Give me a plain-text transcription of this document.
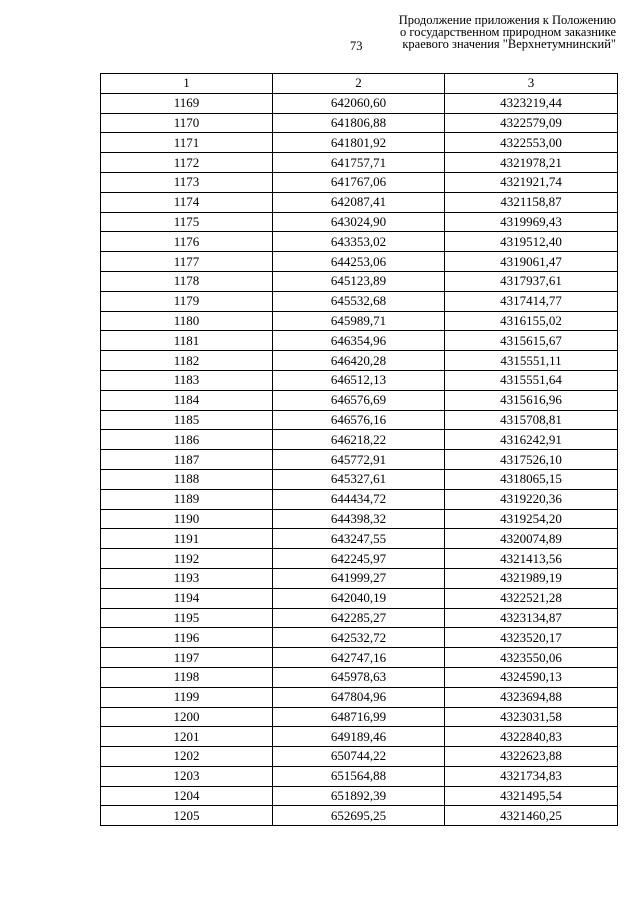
Продолжение приложения к Положению
о государственном природном заказнике
краевого значения "Верхнетумнинский"
73
1	2	3
1169	642060,60	4323219,44
1170	641806,88	4322579,09
1171	641801,92	4322553,00
1172	641757,71	4321978,21
1173	641767,06	4321921,74
1174	642087,41	4321158,87
1175	643024,90	4319969,43
1176	643353,02	4319512,40
1177	644253,06	4319061,47
1178	645123,89	4317937,61
1179	645532,68	4317414,77
1180	645989,71	4316155,02
1181	646354,96	4315615,67
1182	646420,28	4315551,11
1183	646512,13	4315551,64
1184	646576,69	4315616,96
1185	646576,16	4315708,81
1186	646218,22	4316242,91
1187	645772,91	4317526,10
1188	645327,61	4318065,15
1189	644434,72	4319220,36
1190	644398,32	4319254,20
1191	643247,55	4320074,89
1192	642245,97	4321413,56
1193	641999,27	4321989,19
1194	642040,19	4322521,28
1195	642285,27	4323134,87
1196	642532,72	4323520,17
1197	642747,16	4323550,06
1198	645978,63	4324590,13
1199	647804,96	4323694,88
1200	648716,99	4323031,58
1201	649189,46	4322840,83
1202	650744,22	4322623,88
1203	651564,88	4321734,83
1204	651892,39	4321495,54
1205	652695,25	4321460,25
